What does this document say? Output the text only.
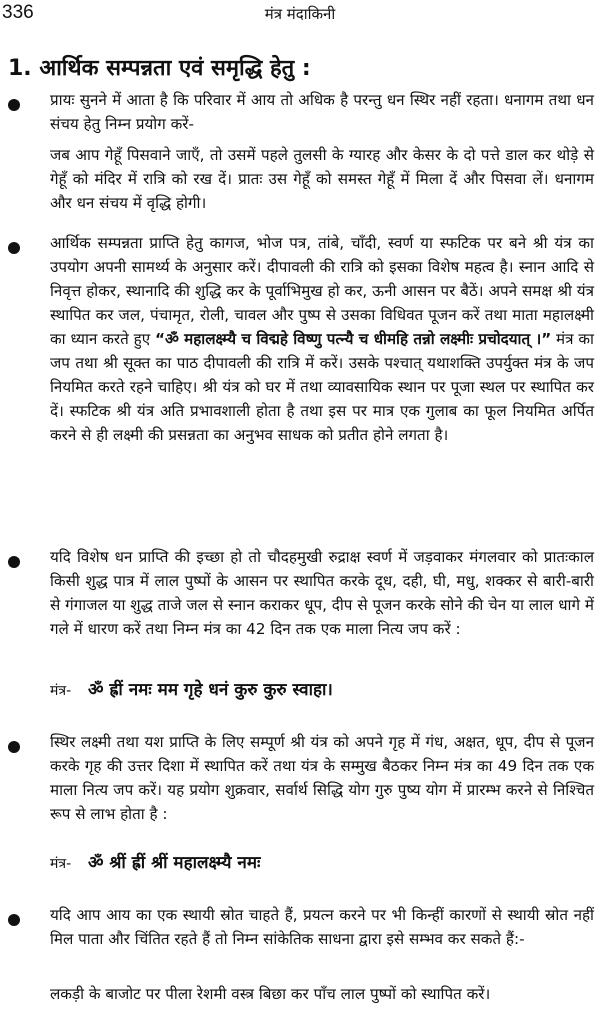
336	मंत्र मंदाकिनी
1. आर्थिक सम्पन्नता एवं समृद्धि हेतु :
प्रायः सुनने में आता है कि परिवार में आय तो अधिक है परन्तु धन स्थिर नहीं रहता। धनागम तथा धन संचय हेतु निम्न प्रयोग करें-
जब आप गेहूँ पिसवाने जाएँ, तो उसमें पहले तुलसी के ग्यारह और केसर के दो पत्ते डाल कर थोड़े से गेहूँ को मंदिर में रात्रि को रख दें। प्रातः उस गेहूँ को समस्त गेहूँ में मिला दें और पिसवा लें। धनागम और धन संचय में वृद्धि होगी।
आर्थिक सम्पन्नता प्राप्ति हेतु कागज, भोज पत्र, तांबे, चाँदी, स्वर्ण या स्फटिक पर बने श्री यंत्र का उपयोग अपनी सामर्थ्य के अनुसार करें। दीपावली की रात्रि को इसका विशेष महत्व है। स्नान आदि से निवृत्त होकर, स्थानादि की शुद्धि कर के पूर्वाभिमुख हो कर, ऊनी आसन पर बैठें। अपने समक्ष श्री यंत्र स्थापित कर जल, पंचामृत, रोली, चावल और पुष्प से उसका विधिवत पूजन करें तथा माता महालक्ष्मी का ध्यान करते हुए “ॐ महालक्ष्म्यै च विद्महे विष्णु पत्न्यै च धीमहि तन्नो लक्ष्मीः प्रचोदयात् ।” मंत्र का जप तथा श्री सूक्त का पाठ दीपावली की रात्रि में करें। उसके पश्चात् यथाशक्ति उपर्युक्त मंत्र के जप नियमित करते रहने चाहिए। श्री यंत्र को घर में तथा व्यावसायिक स्थान पर पूजा स्थल पर स्थापित कर दें। स्फटिक श्री यंत्र अति प्रभावशाली होता है तथा इस पर मात्र एक गुलाब का फूल नियमित अर्पित करने से ही लक्ष्मी की प्रसन्नता का अनुभव साधक को प्रतीत होने लगता है।
यदि विशेष धन प्राप्ति की इच्छा हो तो चौदहमुखी रुद्राक्ष स्वर्ण में जड़वाकर मंगलवार को प्रातःकाल किसी शुद्ध पात्र में लाल पुष्पों के आसन पर स्थापित करके दूध, दही, घी, मधु, शक्कर से बारी-बारी से गंगाजल या शुद्ध ताजे जल से स्नान कराकर धूप, दीप से पूजन करके सोने की चेन या लाल धागे में गले में धारण करें तथा निम्न मंत्र का 42 दिन तक एक माला नित्य जप करें :
मंत्र- ॐ ह्रीं नमः मम गृहे धनं कुरु कुरु स्वाहा।
स्थिर लक्ष्मी तथा यश प्राप्ति के लिए सम्पूर्ण श्री यंत्र को अपने गृह में गंध, अक्षत, धूप, दीप से पूजन करके गृह की उत्तर दिशा में स्थापित करें तथा यंत्र के सम्मुख बैठकर निम्न मंत्र का 49 दिन तक एक माला नित्य जप करें। यह प्रयोग शुक्रवार, सर्वार्थ सिद्धि योग गुरु पुष्य योग में प्रारम्भ करने से निश्चित रूप से लाभ होता है :
मंत्र- ॐ श्रीं ह्रीं श्रीं महालक्ष्म्यै नमः
यदि आप आय का एक स्थायी स्रोत चाहते हैं, प्रयत्न करने पर भी किन्हीं कारणों से स्थायी स्रोत नहीं मिल पाता और चिंतित रहते हैं तो निम्न सांकेतिक साधना द्वारा इसे सम्भव कर सकते हैं:-
लकड़ी के बाजोट पर पीला रेशमी वस्त्र बिछा कर पाँच लाल पुष्पों को स्थापित करें।
